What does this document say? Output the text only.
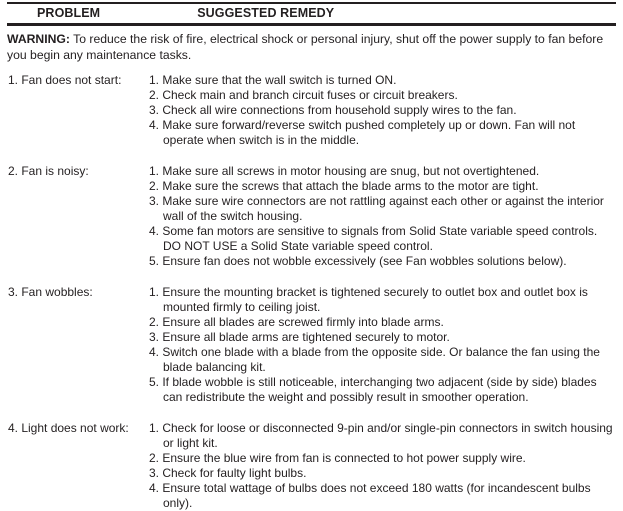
PROBLEM	SUGGESTED REMEDY
WARNING: To reduce the risk of fire, electrical shock or personal injury, shut off the power supply to fan before you begin any maintenance tasks.
1. Fan does not start:	1. Make sure that the wall switch is turned ON.
2. Check main and branch circuit fuses or circuit breakers.
3. Check all wire connections from household supply wires to the fan.
4. Make sure forward/reverse switch pushed completely up or down. Fan will not operate when switch is in the middle.
2. Fan is noisy:	1. Make sure all screws in motor housing are snug, but not overtightened.
2. Make sure the screws that attach the blade arms to the motor are tight.
3. Make sure wire connectors are not rattling against each other or against the interior wall of the switch housing.
4. Some fan motors are sensitive to signals from Solid State variable speed controls. DO NOT USE a Solid State variable speed control.
5. Ensure fan does not wobble excessively (see Fan wobbles solutions below).
3. Fan wobbles:	1. Ensure the mounting bracket is tightened securely to outlet box and outlet box is mounted firmly to ceiling joist.
2. Ensure all blades are screwed firmly into blade arms.
3. Ensure all blade arms are tightened securely to motor.
4. Switch one blade with a blade from the opposite side. Or balance the fan using the blade balancing kit.
5. If blade wobble is still noticeable, interchanging two adjacent (side by side) blades can redistribute the weight and possibly result in smoother operation.
4. Light does not work:	1. Check for loose or disconnected 9-pin and/or single-pin connectors in switch housing or light kit.
2. Ensure the blue wire from fan is connected to hot power supply wire.
3. Check for faulty light bulbs.
4. Ensure total wattage of bulbs does not exceed 180 watts (for incandescent bulbs only).
